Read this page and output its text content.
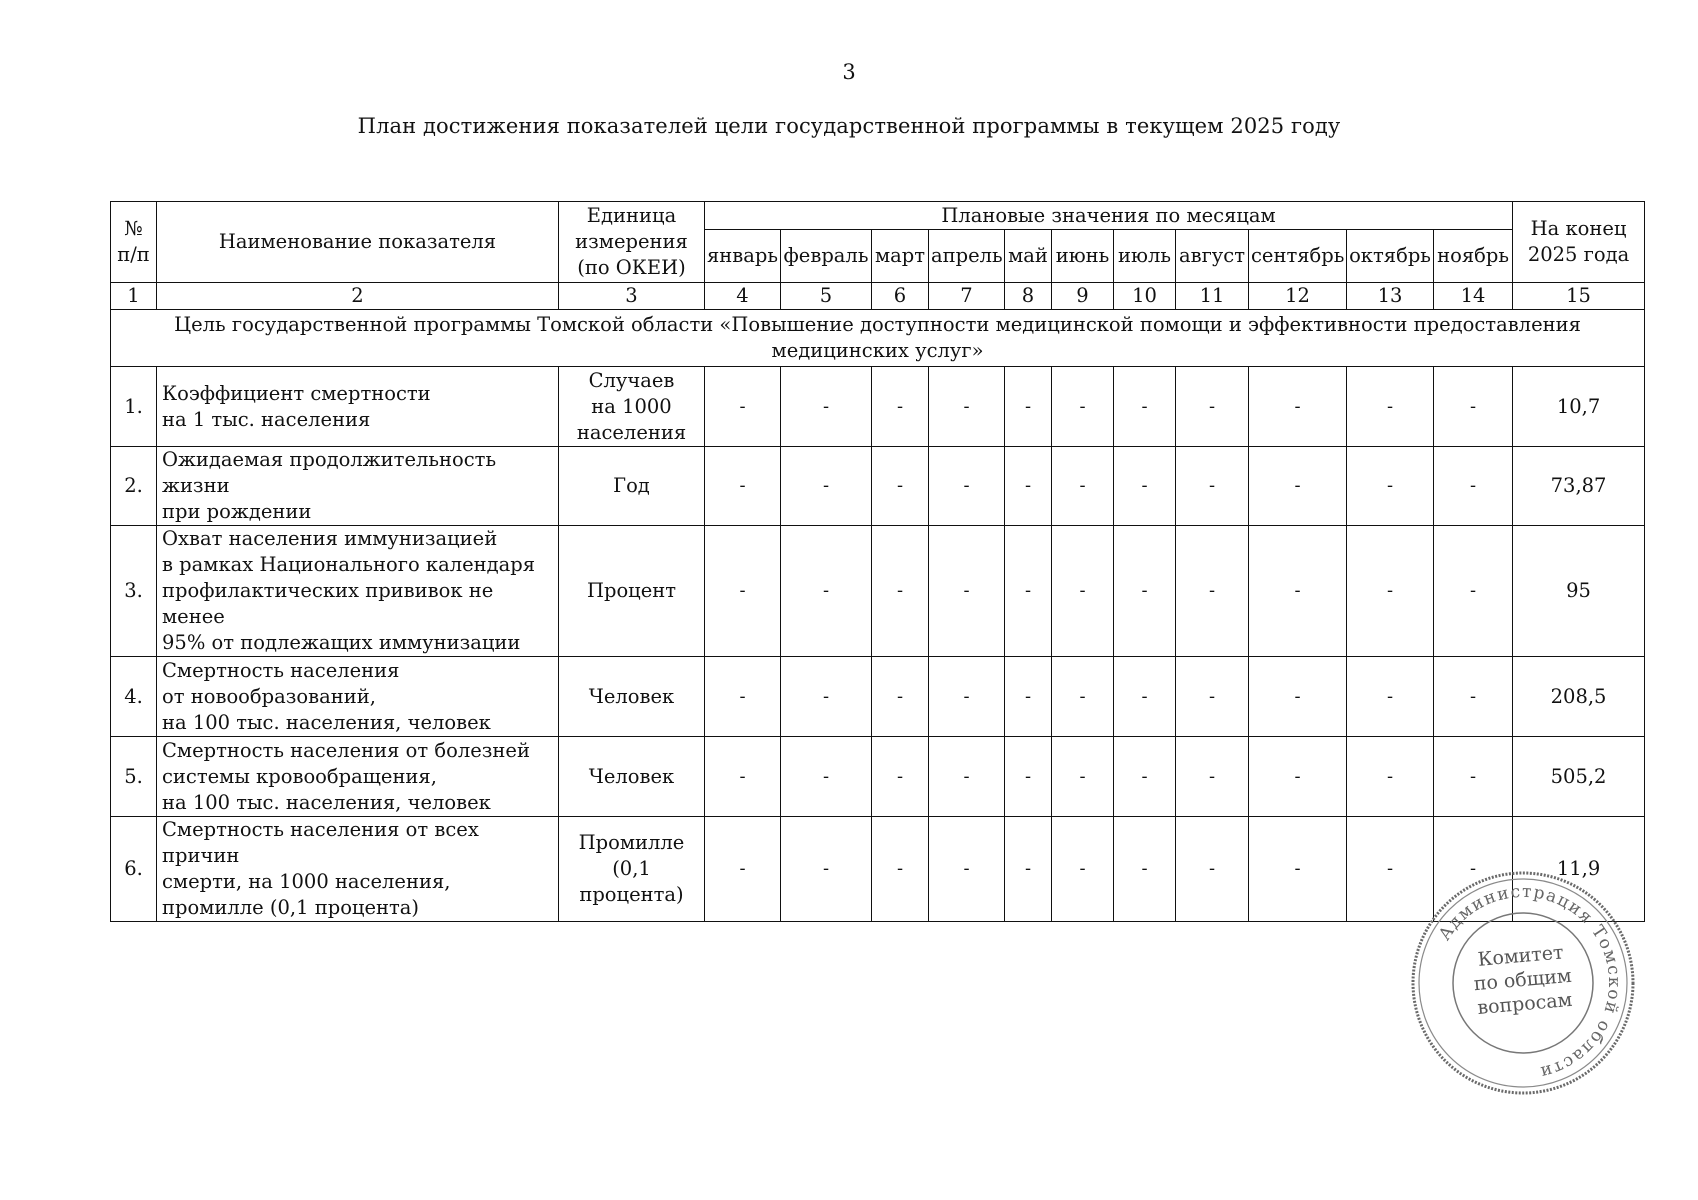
3
План достижения показателей цели государственной программы в текущем 2025 году
№
п/п	Наименование показателя	Единица измерения (по ОКЕИ)	Плановые значения по месяцам											На конец 2025 года
			январь	февраль	март	апрель	май	июнь	июль	август	сентябрь	октябрь	ноябрь	
1	2	3	4	5	6	7	8	9	10	11	12	13	14	15
Цель государственной программы Томской области «Повышение доступности медицинской помощи и эффективности предоставления медицинских услуг»														
1.	Коэффициент смертности
на 1 тыс. населения	Случаев
на 1000
населения	-	-	-	-	-	-	-	-	-	-	-	10,7
2.	Ожидаемая продолжительность жизни
при рождении	Год	-	-	-	-	-	-	-	-	-	-	-	73,87
3.	Охват населения иммунизацией
в рамках Национального календаря
профилактических прививок не менее
95% от подлежащих иммунизации	Процент	-	-	-	-	-	-	-	-	-	-	-	95
4.	Смертность населения
от новообразований,
на 100 тыс. населения, человек	Человек	-	-	-	-	-	-	-	-	-	-	-	208,5
5.	Смертность населения от болезней
системы кровообращения,
на 100 тыс. населения, человек	Человек	-	-	-	-	-	-	-	-	-	-	-	505,2
6.	Смертность населения от всех причин
смерти, на 1000 населения,
промилле (0,1 процента)	Промилле
(0,1
процента)	-	-	-	-	-	-	-	-	-	-	-	11,9
Администрация Томской области
Комитет
по общим
вопросам
